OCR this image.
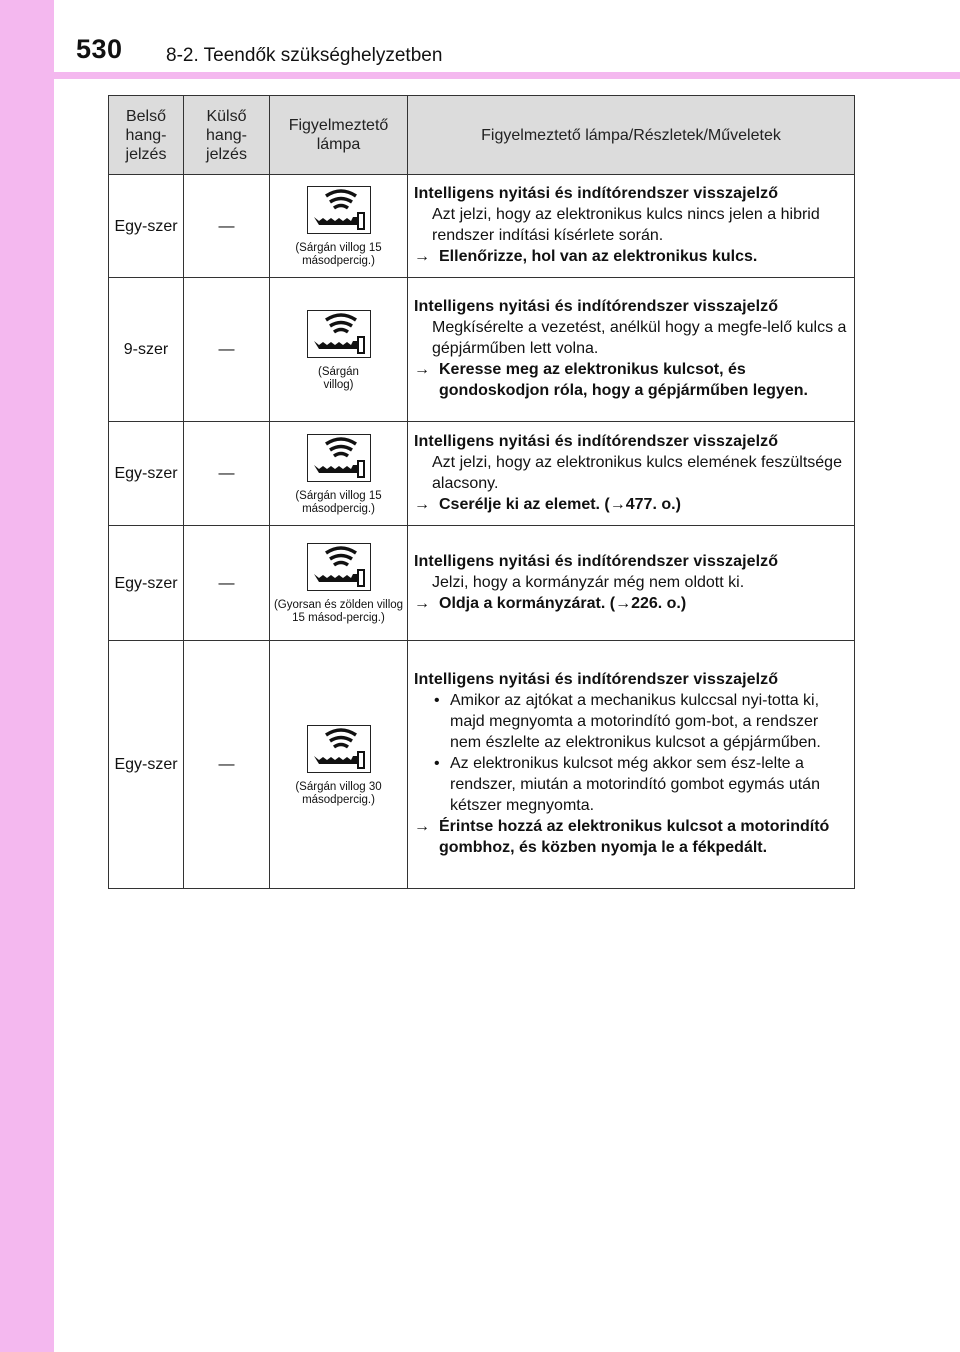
530 8-2. Teendők szükséghelyzetben
Belső hang-jelzés	Külső hang-jelzés	Figyelmeztető lámpa	Figyelmeztető lámpa/Részletek/Műveletek
Egy-szer	—	(Sárgán villog 15 másodpercig.)	Intelligens nyitási és indítórendszer visszajelző
Azt jelzi, hogy az elektronikus kulcs nincs jelen a hibrid rendszer indítási kísérlete során.
→ Ellenőrizze, hol van az elektronikus kulcs.

9-szer	—	(Sárgán villog)	Intelligens nyitási és indítórendszer visszajelző
Megkísérelte a vezetést, anélkül hogy a megfe-lelő kulcs a gépjárműben lett volna.
→ Keresse meg az elektronikus kulcsot, és gondoskodjon róla, hogy a gépjárműben legyen.

Egy-szer	—	(Sárgán villog 15 másodpercig.)	Intelligens nyitási és indítórendszer visszajelző
Azt jelzi, hogy az elektronikus kulcs elemének feszültsége alacsony.
→ Cserélje ki az elemet. (→477. o.)

Egy-szer	—	(Gyorsan és zölden villog 15 másod-percig.)	Intelligens nyitási és indítórendszer visszajelző
Jelzi, hogy a kormányzár még nem oldott ki.
→ Oldja a kormányzárat. (→226. o.)

Egy-szer	—	(Sárgán villog 30 másodpercig.)	Intelligens nyitási és indítórendszer visszajelző
• Amikor az ajtókat a mechanikus kulccsal nyi-totta ki, majd megnyomta a motorindító gom-bot, a rendszer nem észlelte az elektronikus kulcsot a gépjárműben.
• Az elektronikus kulcsot még akkor sem ész-lelte a rendszer, miután a motorindító gombot egymás után kétszer megnyomta.
→ Érintse hozzá az elektronikus kulcsot a motorindító gombhoz, és közben nyomja le a fékpedált.
